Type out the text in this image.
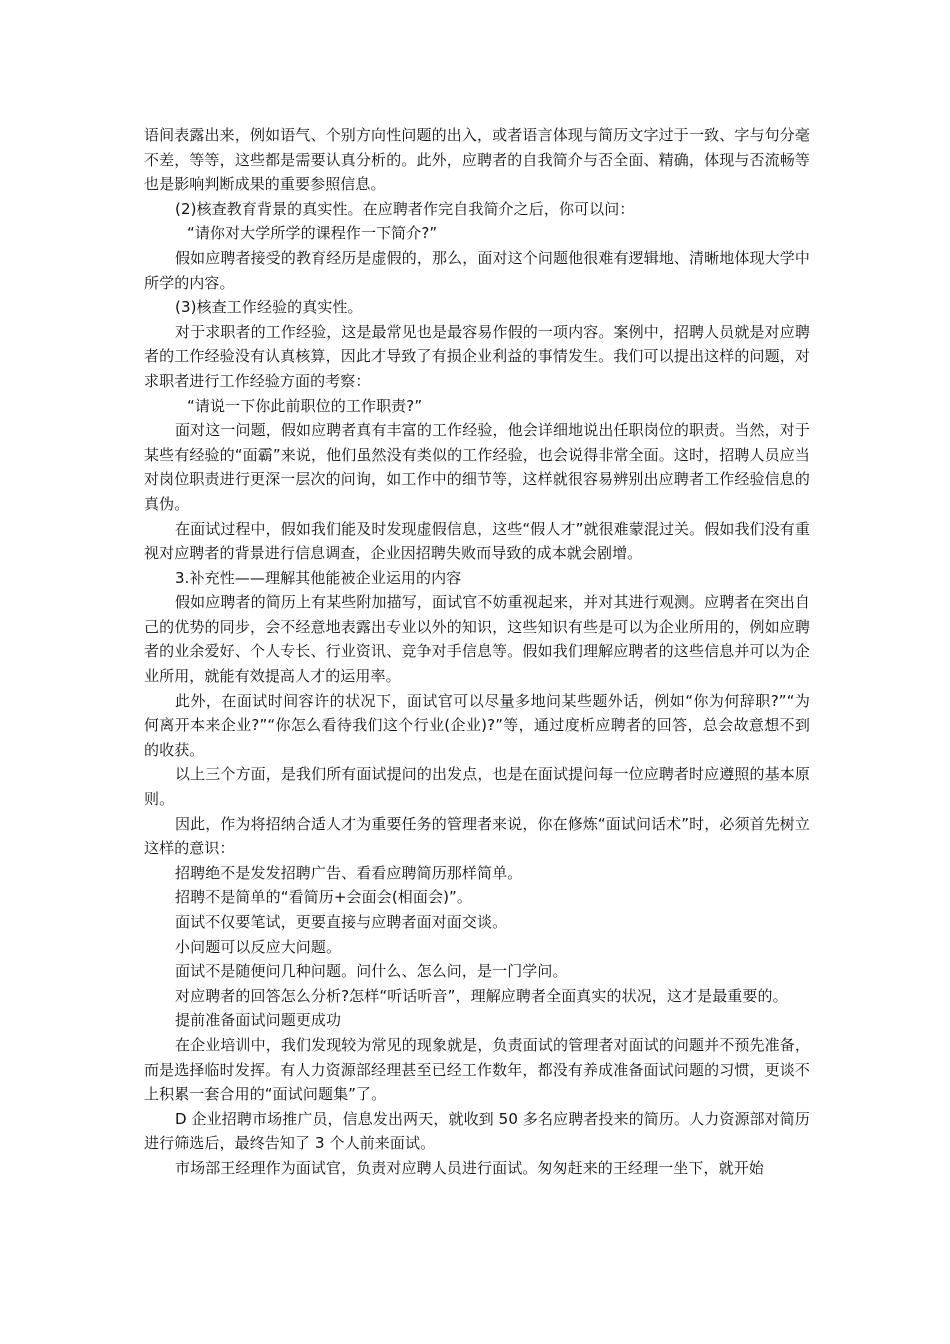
语间表露出来，例如语气、个别方向性问题的出入，或者语言体现与简历文字过于一致、字与句分毫不差，等等，这些都是需要认真分析的。此外，应聘者的自我简介与否全面、精确，体现与否流畅等也是影响判断成果的重要参照信息。

(2)核查教育背景的真实性。在应聘者作完自我简介之后，你可以问：

“请你对大学所学的课程作一下简介?”

假如应聘者接受的教育经历是虚假的，那么，面对这个问题他很难有逻辑地、清晰地体现大学中所学的内容。

(3)核查工作经验的真实性。

对于求职者的工作经验，这是最常见也是最容易作假的一项内容。案例中，招聘人员就是对应聘者的工作经验没有认真核算，因此才导致了有损企业利益的事情发生。我们可以提出这样的问题，对求职者进行工作经验方面的考察：

“请说一下你此前职位的工作职责?”

面对这一问题，假如应聘者真有丰富的工作经验，他会详细地说出任职岗位的职责。当然，对于某些有经验的“面霸”来说，他们虽然没有类似的工作经验，也会说得非常全面。这时，招聘人员应当对岗位职责进行更深一层次的问询，如工作中的细节等，这样就很容易辨别出应聘者工作经验信息的真伪。

在面试过程中，假如我们能及时发现虚假信息，这些“假人才”就很难蒙混过关。假如我们没有重视对应聘者的背景进行信息调查，企业因招聘失败而导致的成本就会剧增。

3.补充性——理解其他能被企业运用的内容

假如应聘者的简历上有某些附加描写，面试官不妨重视起来，并对其进行观测。应聘者在突出自己的优势的同步，会不经意地表露出专业以外的知识，这些知识有些是可以为企业所用的，例如应聘者的业余爱好、个人专长、行业资讯、竞争对手信息等。假如我们理解应聘者的这些信息并可以为企业所用，就能有效提高人才的运用率。

此外，在面试时间容许的状况下，面试官可以尽量多地问某些题外话，例如“你为何辞职?”“为何离开本来企业?”“你怎么看待我们这个行业(企业)?”等，通过度析应聘者的回答，总会故意想不到的收获。

以上三个方面，是我们所有面试提问的出发点，也是在面试提问每一位应聘者时应遵照的基本原则。

因此，作为将招纳合适人才为重要任务的管理者来说，你在修炼“面试问话术”时，必须首先树立这样的意识：

招聘绝不是发发招聘广告、看看应聘简历那样简单。

招聘不是简单的“看简历+会面会(相面会)”。

面试不仅要笔试，更要直接与应聘者面对面交谈。

小问题可以反应大问题。

面试不是随便问几种问题。问什么、怎么问，是一门学问。

对应聘者的回答怎么分析?怎样“听话听音”，理解应聘者全面真实的状况，这才是最重要的。

提前准备面试问题更成功

在企业培训中，我们发现较为常见的现象就是，负责面试的管理者对面试的问题并不预先准备，而是选择临时发挥。有人力资源部经理甚至已经工作数年，都没有养成准备面试问题的习惯，更谈不上积累一套合用的“面试问题集”了。

D 企业招聘市场推广员，信息发出两天，就收到 50 多名应聘者投来的简历。人力资源部对简历进行筛选后，最终告知了 3 个人前来面试。

市场部王经理作为面试官，负责对应聘人员进行面试。匆匆赶来的王经理一坐下，就开始
